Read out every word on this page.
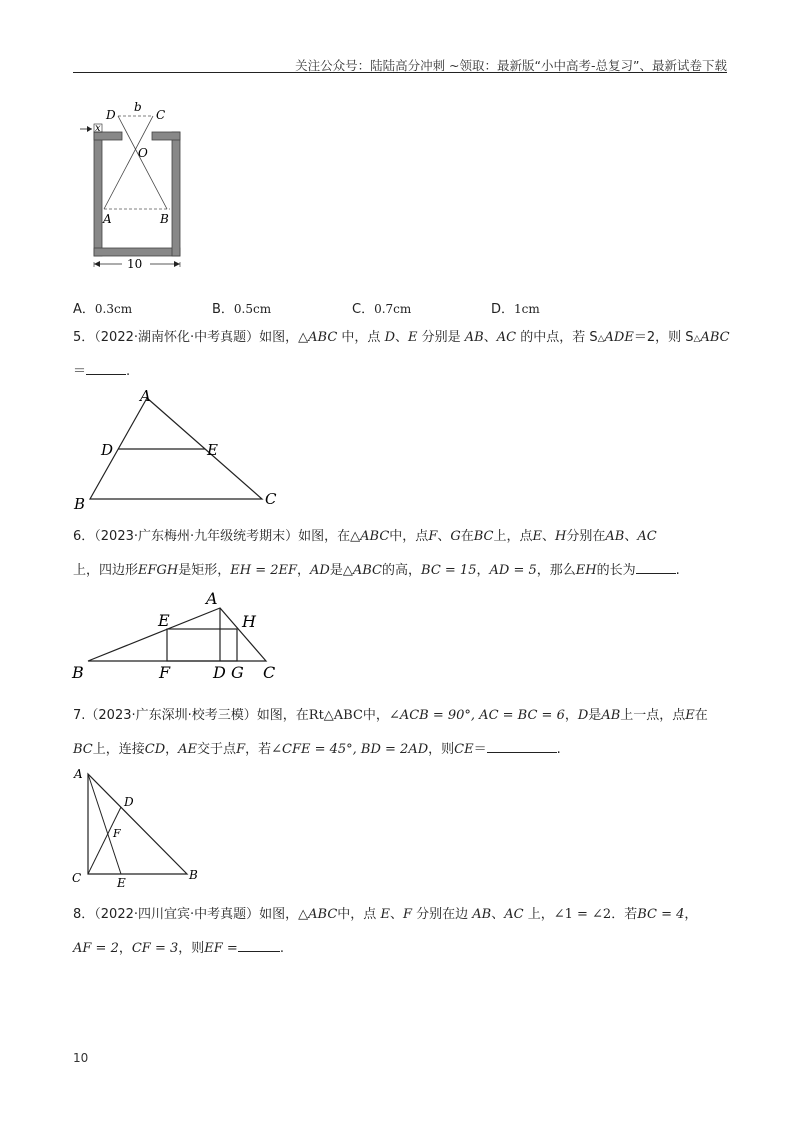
关注公众号：陆陆高分冲刺 ~领取：最新版“小中高考-总复习”、最新试卷下载
D
b
C
x
O
A	B
10
A．0.3cm	B．0.5cm	C．0.7cm	D．1cm
5．（2022·湖南怀化·中考真题）如图，△ABC 中，点 D、E 分别是 AB、AC 的中点，若 S△ADE＝2，则 S△ABC
＝	.
A
D	E
B	C
6．（2023·广东梅州·九年级统考期末）如图，在△ABC中，点F、G在BC上，点E、H分别在AB、AC
上，四边形EFGH是矩形，EH = 2EF，AD是△ABC的高，BC = 15，AD = 5，那么EH的长为	.
A
E	H
B	F	D G C
7.（2023·广东深圳·校考三模）如图，在Rt△ABC中，∠ACB = 90°, AC = BC = 6，D是AB上一点，点E在
BC上，连接CD，AE交于点F，若∠CFE = 45°, BD = 2AD，则CE＝	.
A
D
F
C	E
B
8．（2022·四川宜宾·中考真题）如图，△ABC中，点 E、F 分别在边 AB、AC 上，∠1 = ∠2．若BC = 4，
AF = 2，CF = 3，则EF =	.
10
